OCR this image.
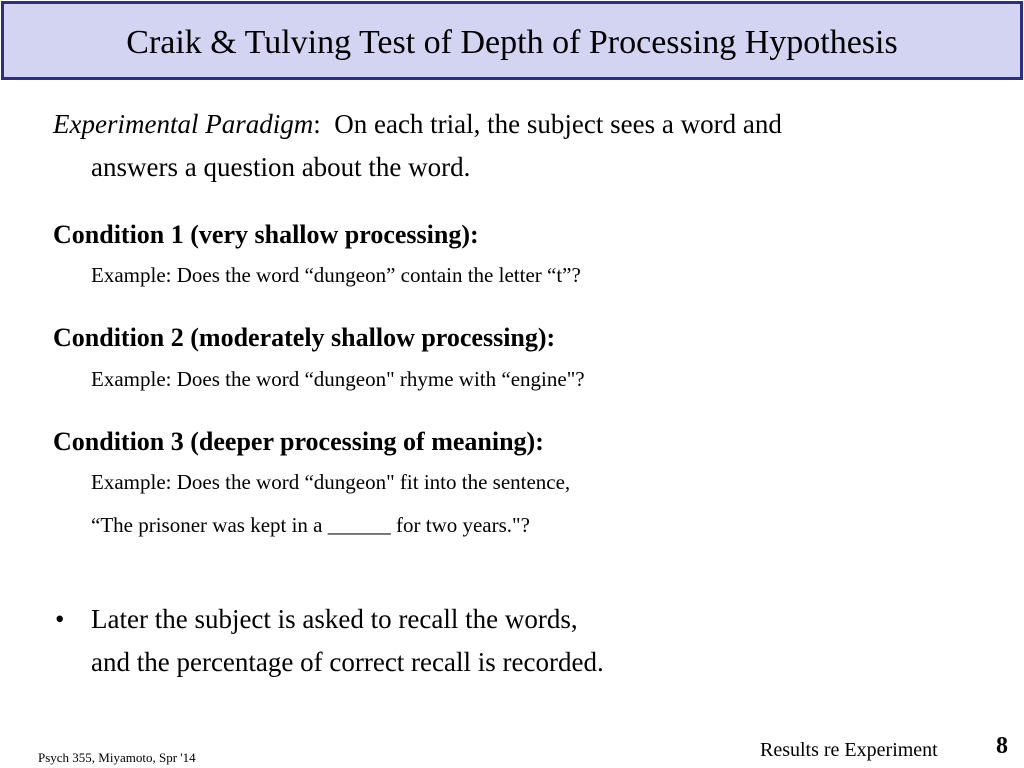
Craik & Tulving Test of Depth of Processing Hypothesis
Experimental Paradigm:  On each trial, the subject sees a word and
answers a question about the word.
Condition 1 (very shallow processing):
Example: Does the word “dungeon” contain the letter “t”?
Condition 2 (moderately shallow processing):
Example: Does the word “dungeon" rhyme with “engine"?
Condition 3 (deeper processing of meaning):
Example: Does the word “dungeon" fit into the sentence,
“The prisoner was kept in a ______ for two years."?
• Later the subject is asked to recall the words,
and the percentage of correct recall is recorded.
Psych 355, Miyamoto, Spr '14	Results re Experiment 8
